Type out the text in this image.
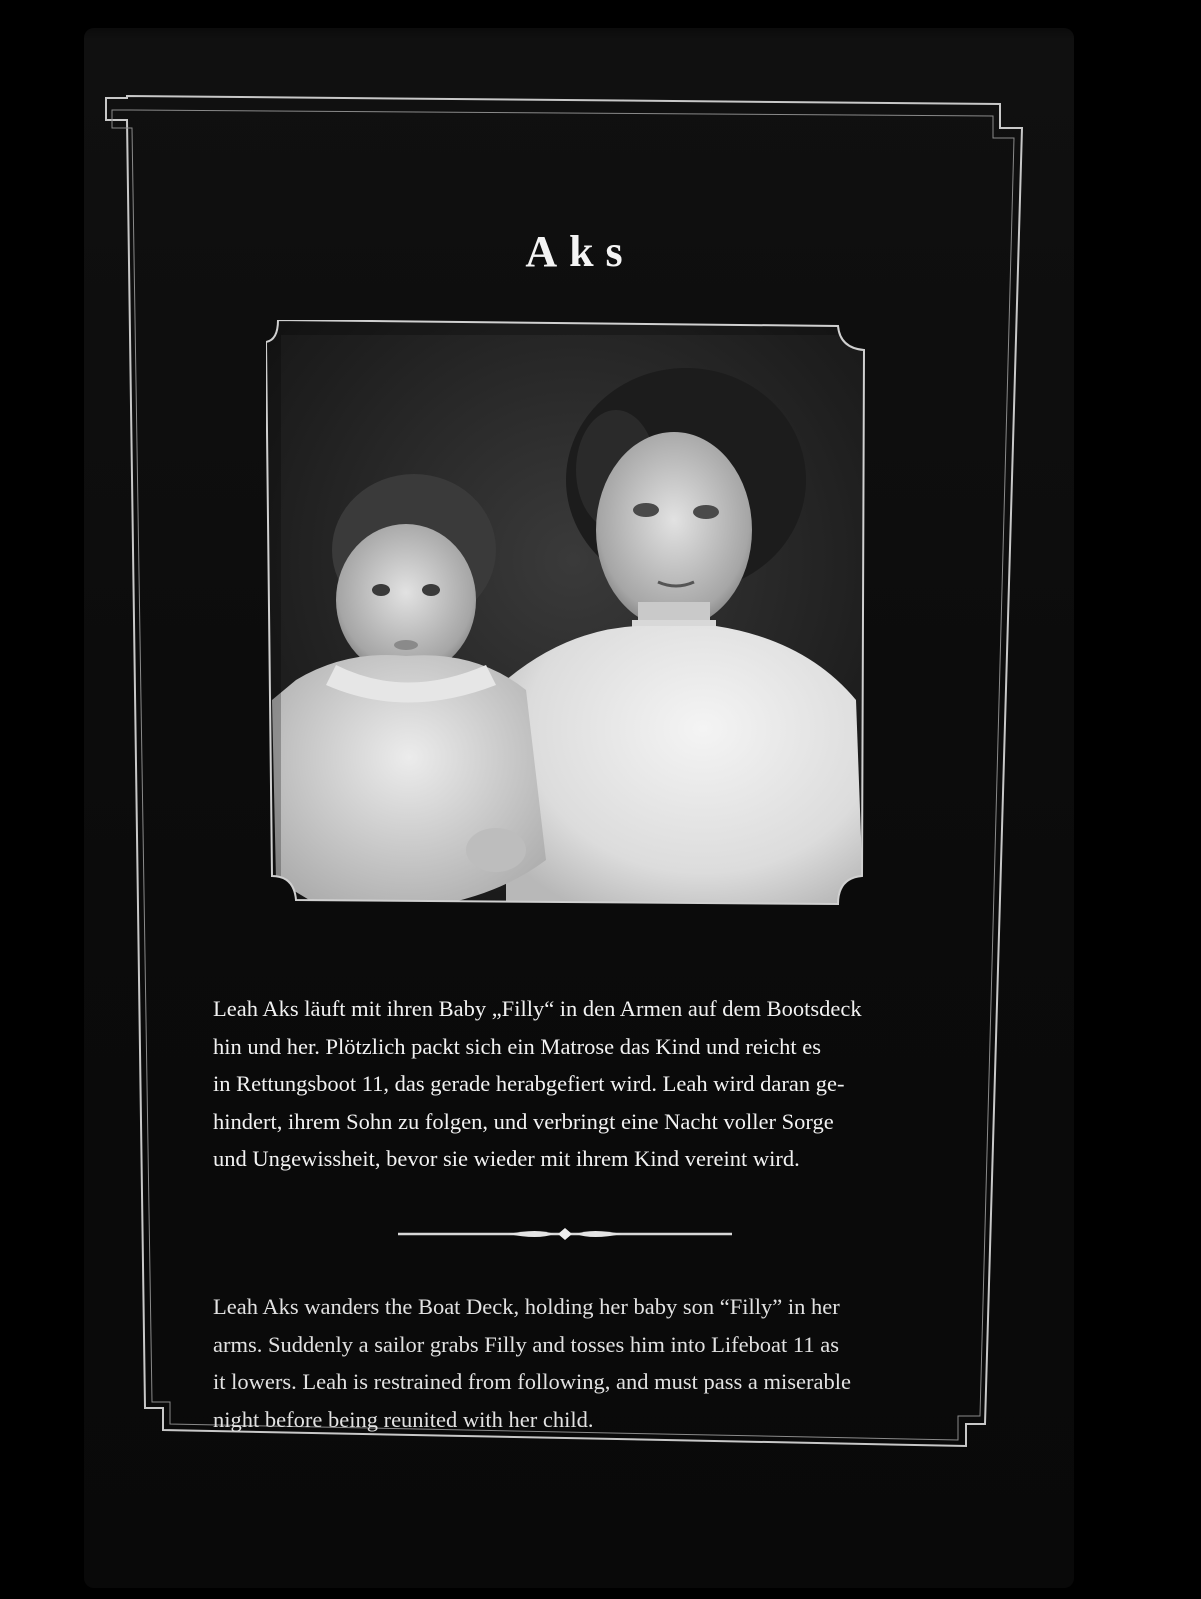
Aks
Leah Aks läuft mit ihren Baby „Filly“ in den Armen auf dem Bootsdeck
hin und her. Plötzlich packt sich ein Matrose das Kind und reicht es
in Rettungsboot 11, das gerade herabgefiert wird. Leah wird daran ge-
hindert, ihrem Sohn zu folgen, und verbringt eine Nacht voller Sorge
und Ungewissheit, bevor sie wieder mit ihrem Kind vereint wird.
Leah Aks wanders the Boat Deck, holding her baby son “Filly” in her
arms. Suddenly a sailor grabs Filly and tosses him into Lifeboat 11 as
it lowers. Leah is restrained from following, and must pass a miserable
night before being reunited with her child.
